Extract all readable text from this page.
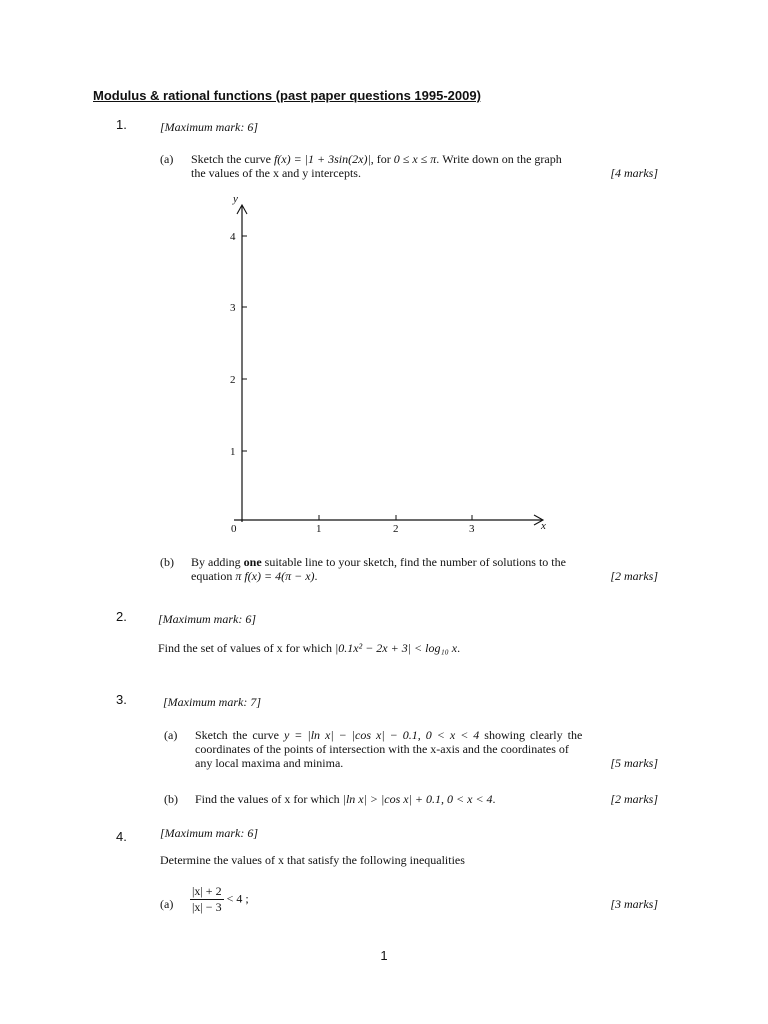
Modulus & rational functions (past paper questions 1995-2009)
1.	[Maximum mark: 6]
(a) Sketch the curve f(x) = |1 + 3sin(2x)|, for 0 ≤ x ≤ π. Write down on the graph
the values of the x and y intercepts.	[4 marks]
y
x
0
1
2
3
4
1	2	3
(b) By adding one suitable line to your sketch, find the number of solutions to the
equation π f(x) = 4(π − x).	[2 marks]
2.	[Maximum mark: 6]
Find the set of values of x for which |0.1x² − 2x + 3| < log₁₀ x.
3.	[Maximum mark: 7]
(a) Sketch the curve y = |ln x| − |cos x| − 0.1, 0 < x < 4 showing clearly the
coordinates of the points of intersection with the x-axis and the coordinates of
any local maxima and minima.	[5 marks]
(b) Find the values of x for which |ln x| > |cos x| + 0.1, 0 < x < 4.	[2 marks]
4.	[Maximum mark: 6]
Determine the values of x that satisfy the following inequalities
$(a) \frac{|x| + 2}{|x| - 3} < 4$ ;	[3 marks]
1
